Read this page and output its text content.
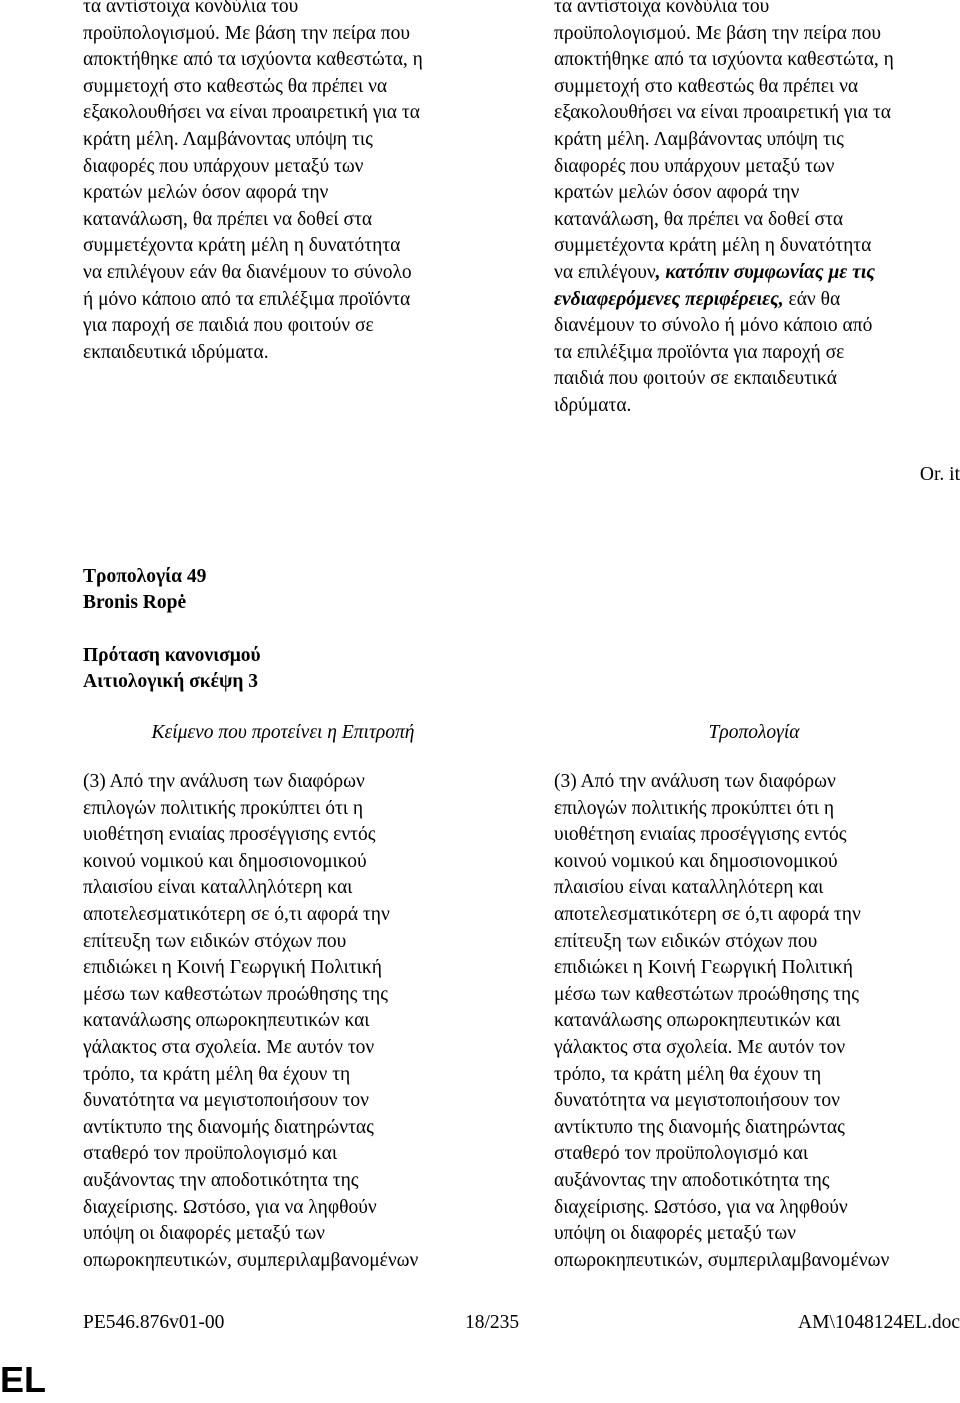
τα αντίστοιχα κονδύλια του
προϋπολογισμού. Με βάση την πείρα που
αποκτήθηκε από τα ισχύοντα καθεστώτα, η
συμμετοχή στο καθεστώς θα πρέπει να
εξακολουθήσει να είναι προαιρετική για τα
κράτη μέλη. Λαμβάνοντας υπόψη τις
διαφορές που υπάρχουν μεταξύ των
κρατών μελών όσον αφορά την
κατανάλωση, θα πρέπει να δοθεί στα
συμμετέχοντα κράτη μέλη η δυνατότητα
να επιλέγουν εάν θα διανέμουν το σύνολο
ή μόνο κάποιο από τα επιλέξιμα προϊόντα
για παροχή σε παιδιά που φοιτούν σε
εκπαιδευτικά ιδρύματα.
τα αντίστοιχα κονδύλια του
προϋπολογισμού. Με βάση την πείρα που
αποκτήθηκε από τα ισχύοντα καθεστώτα, η
συμμετοχή στο καθεστώς θα πρέπει να
εξακολουθήσει να είναι προαιρετική για τα
κράτη μέλη. Λαμβάνοντας υπόψη τις
διαφορές που υπάρχουν μεταξύ των
κρατών μελών όσον αφορά την
κατανάλωση, θα πρέπει να δοθεί στα
συμμετέχοντα κράτη μέλη η δυνατότητα
να επιλέγουν, κατόπιν συμφωνίας με τις
ενδιαφερόμενες περιφέρειες, εάν θα
διανέμουν το σύνολο ή μόνο κάποιο από
τα επιλέξιμα προϊόντα για παροχή σε
παιδιά που φοιτούν σε εκπαιδευτικά
ιδρύματα.
Or. it
Τροπολογία 49
Bronis Ropė
Πρόταση κανονισμού
Αιτιολογική σκέψη 3
Κείμενο που προτείνει η Επιτροπή	Τροπολογία
(3) Από την ανάλυση των διαφόρων
επιλογών πολιτικής προκύπτει ότι η
υιοθέτηση ενιαίας προσέγγισης εντός
κοινού νομικού και δημοσιονομικού
πλαισίου είναι καταλληλότερη και
αποτελεσματικότερη σε ό,τι αφορά την
επίτευξη των ειδικών στόχων που
επιδιώκει η Κοινή Γεωργική Πολιτική
μέσω των καθεστώτων προώθησης της
κατανάλωσης οπωροκηπευτικών και
γάλακτος στα σχολεία. Με αυτόν τον
τρόπο, τα κράτη μέλη θα έχουν τη
δυνατότητα να μεγιστοποιήσουν τον
αντίκτυπο της διανομής διατηρώντας
σταθερό τον προϋπολογισμό και
αυξάνοντας την αποδοτικότητα της
διαχείρισης. Ωστόσο, για να ληφθούν
υπόψη οι διαφορές μεταξύ των
οπωροκηπευτικών, συμπεριλαμβανομένων
(3) Από την ανάλυση των διαφόρων
επιλογών πολιτικής προκύπτει ότι η
υιοθέτηση ενιαίας προσέγγισης εντός
κοινού νομικού και δημοσιονομικού
πλαισίου είναι καταλληλότερη και
αποτελεσματικότερη σε ό,τι αφορά την
επίτευξη των ειδικών στόχων που
επιδιώκει η Κοινή Γεωργική Πολιτική
μέσω των καθεστώτων προώθησης της
κατανάλωσης οπωροκηπευτικών και
γάλακτος στα σχολεία. Με αυτόν τον
τρόπο, τα κράτη μέλη θα έχουν τη
δυνατότητα να μεγιστοποιήσουν τον
αντίκτυπο της διανομής διατηρώντας
σταθερό τον προϋπολογισμό και
αυξάνοντας την αποδοτικότητα της
διαχείρισης. Ωστόσο, για να ληφθούν
υπόψη οι διαφορές μεταξύ των
οπωροκηπευτικών, συμπεριλαμβανομένων
PE546.876v01-00	18/235	AM\1048124EL.doc
EL
